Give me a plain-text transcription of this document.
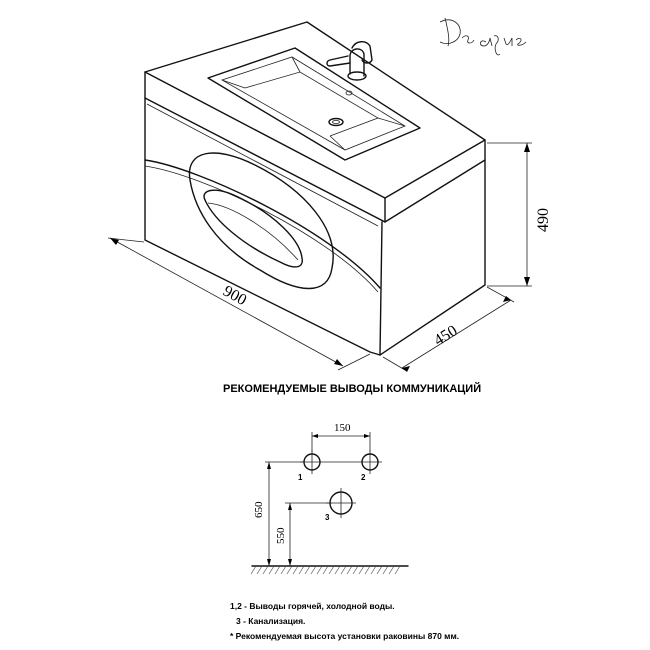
490
900
450
РЕКОМЕНДУЕМЫЕ ВЫВОДЫ КОММУНИКАЦИЙ
150
1	2
3
650
550
1,2 - Выводы горячей, холодной воды.
3 - Канализация.
* Рекомендуемая высота установки раковины 870 мм.
